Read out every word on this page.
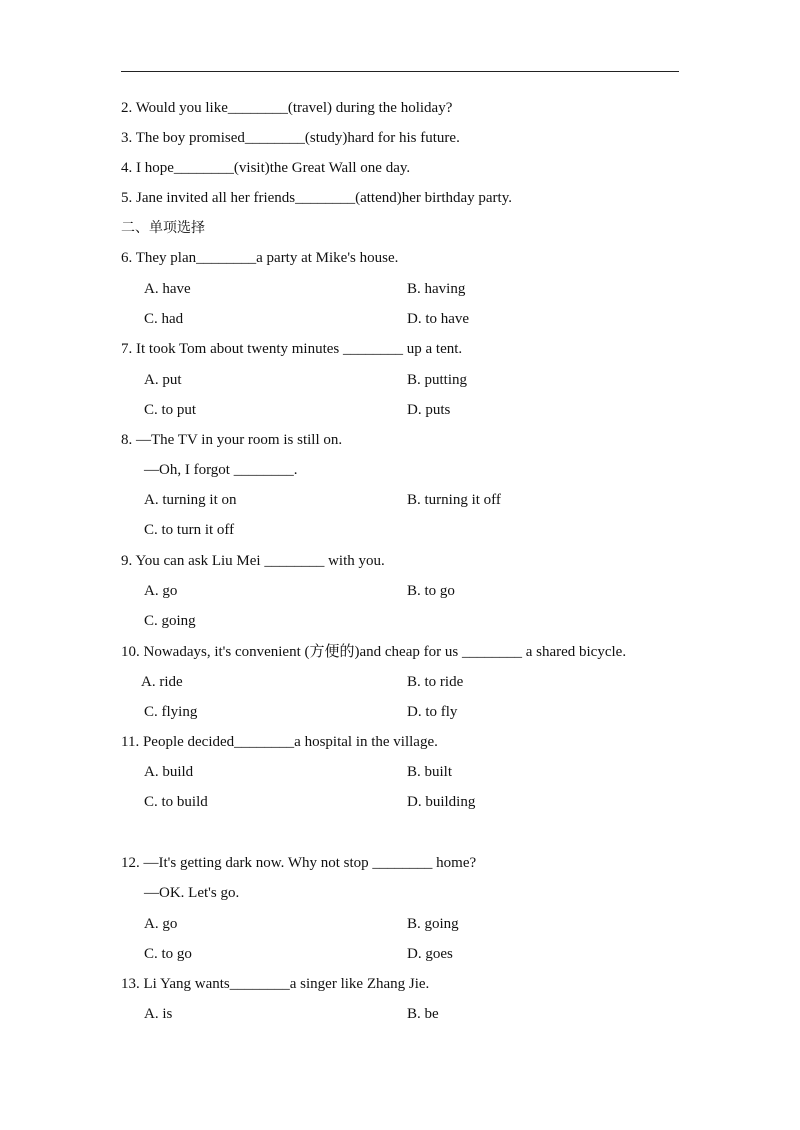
2. Would you like________(travel) during the holiday?
3. The boy promised________(study)hard for his future.
4. I hope________(visit)the Great Wall one day.
5. Jane invited all her friends________(attend)her birthday party.
二、单项选择
6. They plan________a party at Mike's house.
A. have	B. having
C. had	D. to have
7. It took Tom about twenty minutes ________ up a tent.
A. put	B. putting
C. to put	D. puts
8. —The TV in your room is still on.
—Oh, I forgot ________.
A. turning it on	B. turning it off
C. to turn it off
9. You can ask Liu Mei ________ with you.
A. go	B. to go
C. going
10. Nowadays, it's convenient (方便的)and cheap for us ________ a shared bicycle.
A. ride	B. to ride
C. flying	D. to fly
11. People decided________a hospital in the village.
A. build	B. built
C. to build	D. building
12. —It's getting dark now. Why not stop ________ home?
—OK. Let's go.
A. go	B. going
C. to go	D. goes
13. Li Yang wants________a singer like Zhang Jie.
A. is	B. be
